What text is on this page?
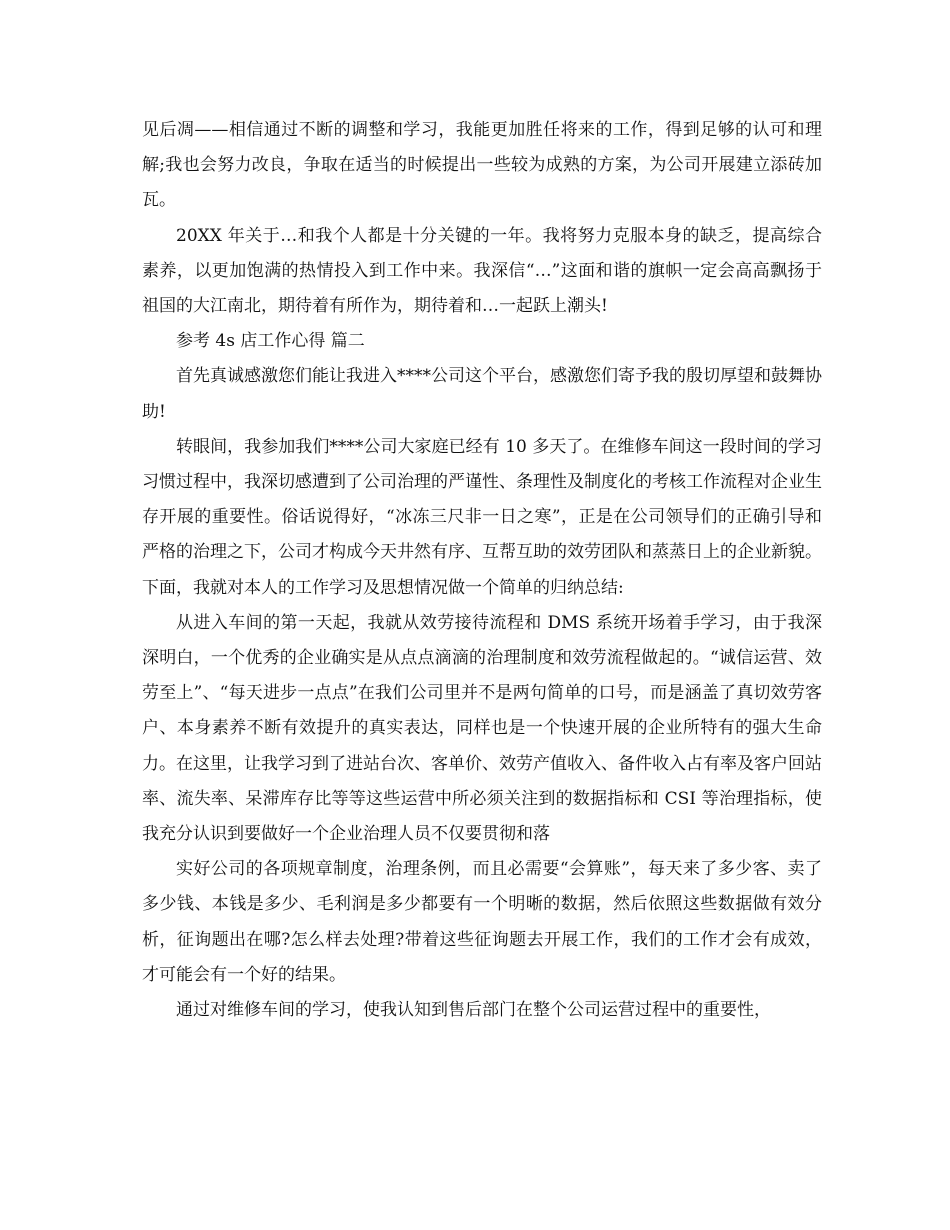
见后凋——相信通过不断的调整和学习，我能更加胜任将来的工作，得到足够的认可和理解;我也会努力改良，争取在适当的时候提出一些较为成熟的方案，为公司开展建立添砖加瓦。

20XX 年关于…和我个人都是十分关键的一年。我将努力克服本身的缺乏，提高综合素养，以更加饱满的热情投入到工作中来。我深信“…”这面和谐的旗帜一定会高高飘扬于祖国的大江南北，期待着有所作为，期待着和…一起跃上潮头!

参考 4s 店工作心得 篇二

首先真诚感激您们能让我进入****公司这个平台，感激您们寄予我的殷切厚望和鼓舞协助!

转眼间，我参加我们****公司大家庭已经有 10 多天了。在维修车间这一段时间的学习习惯过程中，我深切感遭到了公司治理的严谨性、条理性及制度化的考核工作流程对企业生存开展的重要性。俗话说得好，“冰冻三尺非一日之寒”，正是在公司领导们的正确引导和严格的治理之下，公司才构成今天井然有序、互帮互助的效劳团队和蒸蒸日上的企业新貌。下面，我就对本人的工作学习及思想情况做一个简单的归纳总结:

从进入车间的第一天起，我就从效劳接待流程和 DMS 系统开场着手学习，由于我深深明白，一个优秀的企业确实是从点点滴滴的治理制度和效劳流程做起的。“诚信运营、效劳至上”、“每天进步一点点”在我们公司里并不是两句简单的口号，而是涵盖了真切效劳客户、本身素养不断有效提升的真实表达，同样也是一个快速开展的企业所特有的强大生命力。在这里，让我学习到了进站台次、客单价、效劳产值收入、备件收入占有率及客户回站率、流失率、呆滞库存比等等这些运营中所必须关注到的数据指标和 CSI 等治理指标，使我充分认识到要做好一个企业治理人员不仅要贯彻和落

实好公司的各项规章制度，治理条例，而且必需要“会算账”，每天来了多少客、卖了多少钱、本钱是多少、毛利润是多少都要有一个明晰的数据，然后依照这些数据做有效分析，征询题出在哪?怎么样去处理?带着这些征询题去开展工作，我们的工作才会有成效，才可能会有一个好的结果。

通过对维修车间的学习，使我认知到售后部门在整个公司运营过程中的重要性，
